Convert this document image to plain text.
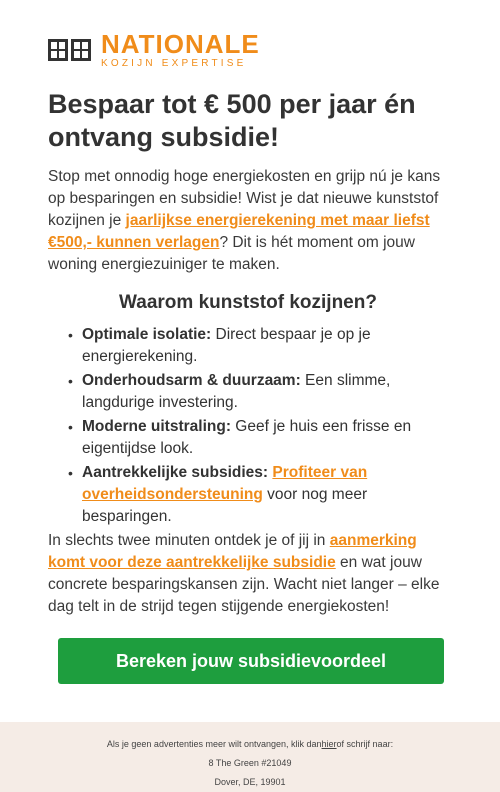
NATIONALE
KOZIJN EXPERTISE
Bespaar tot € 500 per jaar én ontvang subsidie!

Stop met onnodig hoge energiekosten en grijp nú je kans op besparingen en subsidie! Wist je dat nieuwe kunststof kozijnen je jaarlijkse energierekening met maar liefst €500,- kunnen verlagen? Dit is hét moment om jouw woning energiezuiniger te maken.

Waarom kunststof kozijnen?
• Optimale isolatie: Direct bespaar je op je energierekening.
• Onderhoudsarm & duurzaam: Een slimme, langdurige investering.
• Moderne uitstraling: Geef je huis een frisse en eigentijdse look.
• Aantrekkelijke subsidies: Profiteer van overheidsondersteuning voor nog meer besparingen.

In slechts twee minuten ontdek je of jij in aanmerking komt voor deze aantrekkelijke subsidie en wat jouw concrete besparingskansen zijn. Wacht niet langer – elke dag telt in de strijd tegen stijgende energiekosten!

Bereken jouw subsidievoordeel
Als je geen advertenties meer wilt ontvangen, klik danhierof schrijf naar:
8 The Green #21049
Dover, DE, 19901
